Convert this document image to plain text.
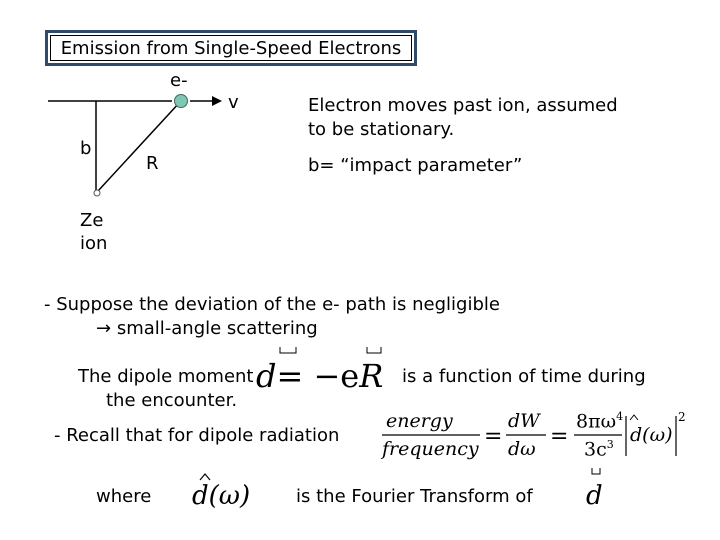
Emission from Single-Speed Electrons
e-
v
b
R
Ze
ion
Electron moves past ion, assumed
to be stationary.
b= “impact parameter”
- Suppose the deviation of the e- path is negligible
→ small-angle scattering
The dipole moment
the encounter.
d= −eR is a function of time during
- Recall that for dipole radiation
energy
frequency =
dW
dω =
$8\pi\omega^4$
$3c^3$ d(ω)
2
where d(ω)	is the Fourier Transform of d
